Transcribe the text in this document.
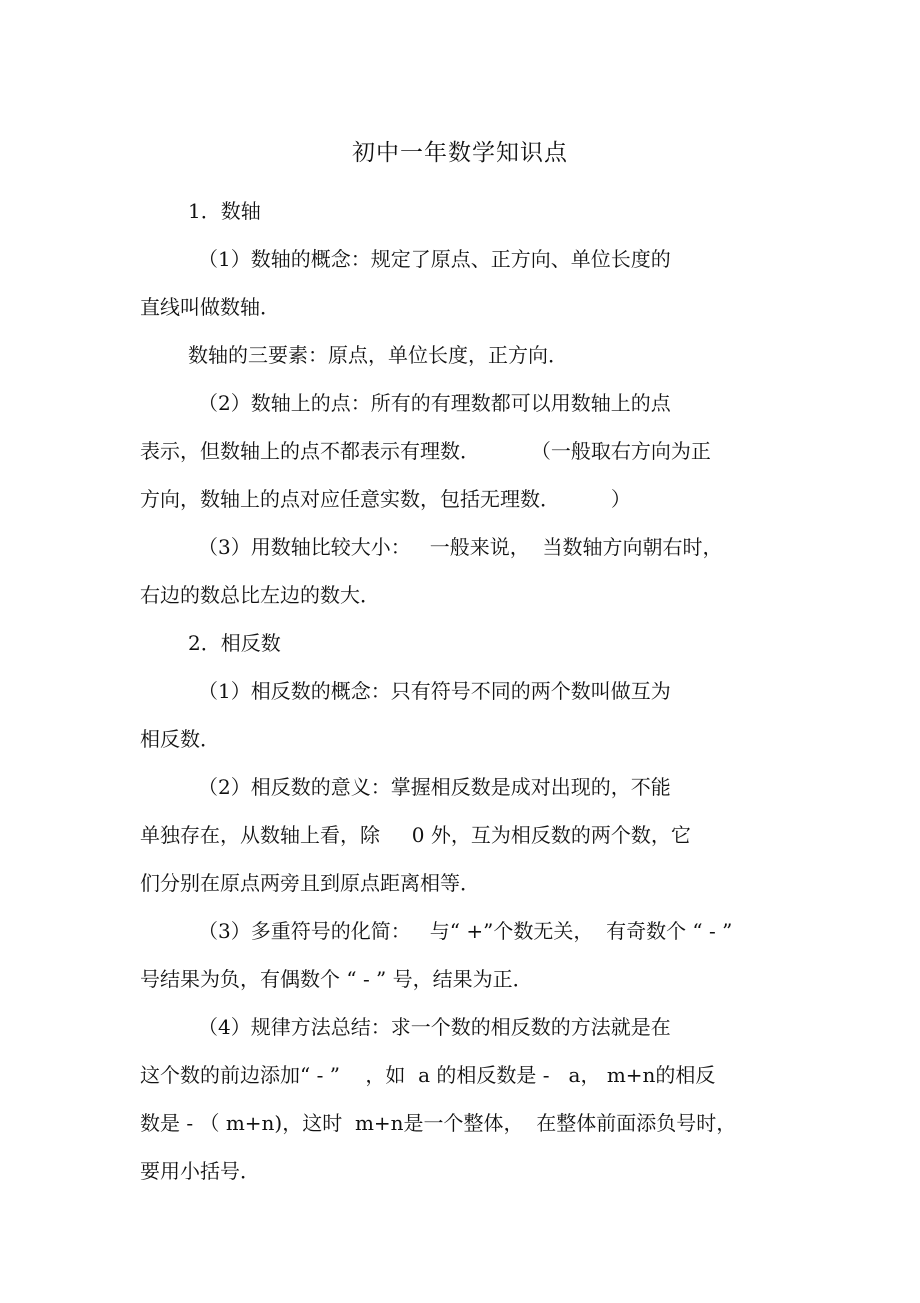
初中一年数学知识点
1．数轴
（1）数轴的概念：规定了原点、正方向、单位长度的
直线叫做数轴．
数轴的三要素：原点，单位长度，正方向．
（2）数轴上的点：所有的有理数都可以用数轴上的点
表示，但数轴上的点不都表示有理数．        （一般取右方向为正
方向，数轴上的点对应任意实数，包括无理数．        ）
（3）用数轴比较大小：   一般来说，  当数轴方向朝右时，
右边的数总比左边的数大．
2．相反数
（1）相反数的概念：只有符号不同的两个数叫做互为
相反数．
（2）相反数的意义：掌握相反数是成对出现的，不能
单独存在，从数轴上看，除     0 外，互为相反数的两个数，它
们分别在原点两旁且到原点距离相等．
（3）多重符号的化简：   与“ +”个数无关，  有奇数个 “ - ”
号结果为负，有偶数个 “ - ” 号，结果为正．
（4）规律方法总结：求一个数的相反数的方法就是在
这个数的前边添加“ - ”    ，如  a 的相反数是 -   a， m+n的相反
数是 - （ m+n)，这时  m+n是一个整体，  在整体前面添负号时，
要用小括号．
